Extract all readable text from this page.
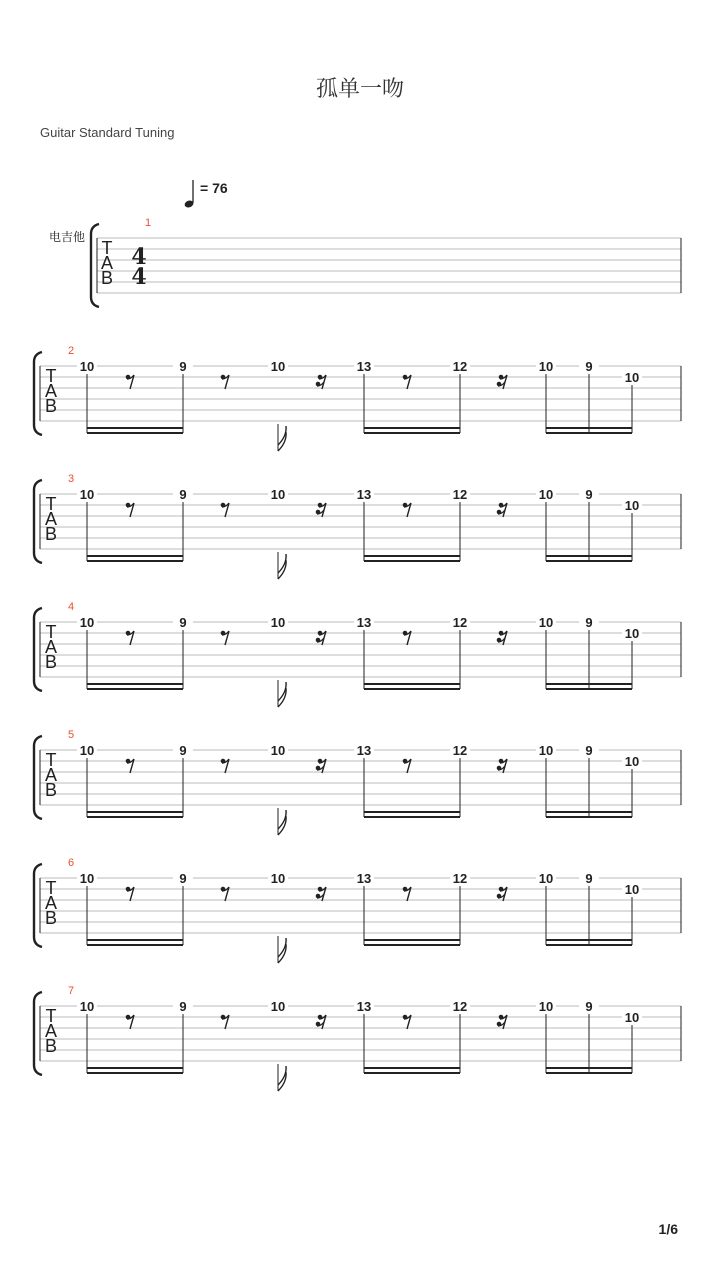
孤单一吻
Guitar Standard Tuning
1/6
= 76
电吉他
T
A
B
1
4
4
T
A
B
2
10	9	10	13	12	10 9
10
T
A
B
3
10	9	10	13	12	10 9
10
T
A
B
4
10	9	10	13	12	10 9
10
T
A
B
5
10	9	10	13	12	10 9
10
T
A
B
6
10	9	10	13	12	10 9
10
T
A
B
7
10	9	10	13	12	10 9
10
